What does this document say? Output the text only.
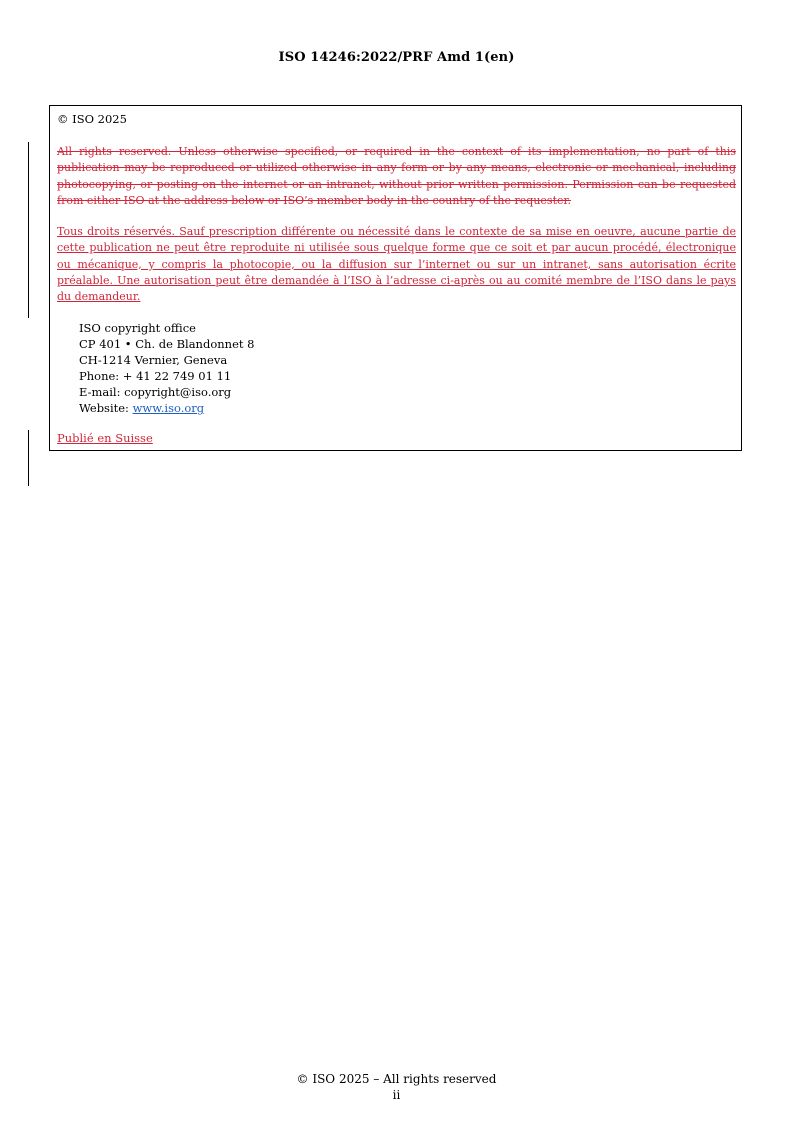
ISO 14246:2022/PRF Amd 1(en)
© ISO 2025
All rights reserved. Unless otherwise specified, or required in the context of its implementation, no part of this publication may be reproduced or utilized otherwise in any form or by any means, electronic or mechanical, including photocopying, or posting on the internet or an intranet, without prior written permission. Permission can be requested from either ISO at the address below or ISO’s member body in the country of the requester.
Tous droits réservés. Sauf prescription différente ou nécessité dans le contexte de sa mise en oeuvre, aucune partie de cette publication ne peut être reproduite ni utilisée sous quelque forme que ce soit et par aucun procédé, électronique ou mécanique, y compris la photocopie, ou la diffusion sur l’internet ou sur un intranet, sans autorisation écrite préalable. Une autorisation peut être demandée à l’ISO à l’adresse ci-après ou au comité membre de l’ISO dans le pays du demandeur.
ISO copyright office
CP 401 • Ch. de Blandonnet 8
CH-1214 Vernier, Geneva
Phone: + 41 22 749 01 11
E-mail: copyright@iso.org
Website: www.iso.org
Publié en Suisse
© ISO 2025 – All rights reserved
ii
